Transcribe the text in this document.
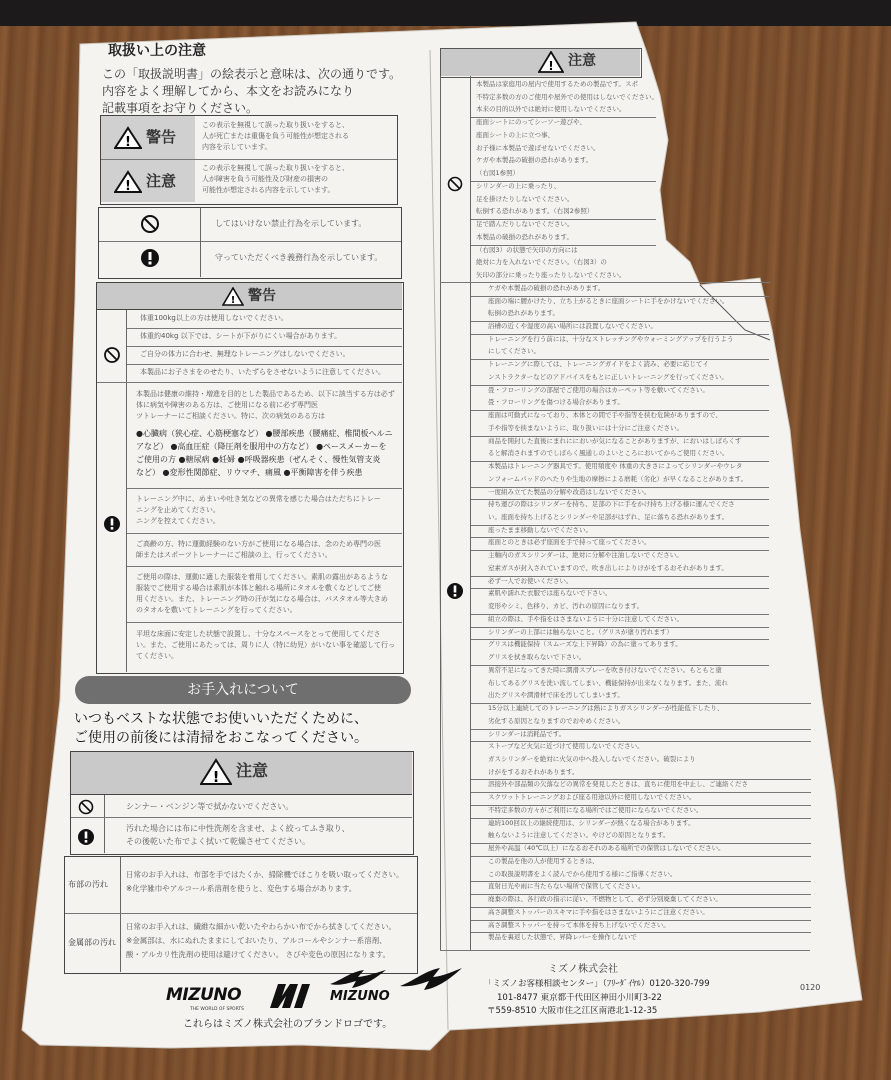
取扱い上の注意
この「取扱説明書」の絵表示と意味は、次の通りです。
内容をよく理解してから、本文をお読みになり
記載事項をお守りください。
! 警告
! 注意
この表示を無視して誤った取り扱いをすると、
人が死亡または重傷を負う可能性が想定される
内容を示しています。
この表示を無視して誤った取り扱いをすると、
人が障害を負う可能性及び財産の損害の
可能性が想定される内容を示しています。
してはいけない禁止行為を示しています。
守っていただくべき義務行為を示しています。
! 警告
体重100kg以上の方は使用しないでください。
体重約40kg 以下では、シートが下がりにくい場合があります。
ご自分の体力に合わせ、無理なトレーニングはしないでください。
本製品にお子さまをのせたり、いたずらをさせないように注意してください。
本製品は健康の維持・増進を目的とした製品であるため、以下に該当する方は必ず
体に病気や障害のある方は、ご使用になる前に必ず専門医
ツトレーナーにご相談ください。特に、次の病気のある方は
●心臓病（狭心症、心筋梗塞など） ●腰部疾患（腰痛症、椎間板ヘルニ
アなど） ●高血圧症（降圧剤を服用中の方など） ●ペースメーカーを
ご使用の方 ●糖尿病 ●妊婦 ●呼吸器疾患（ぜんそく、慢性気管支炎
など） ●変形性関節症、リウマチ、痛風 ●平衡障害を伴う疾患
トレーニング中に、めまいや吐き気などの異常を感じた場合はただちにトレー
ニングを止めてください。
ニングを控えてください。
ご高齢の方、特に運動経験のない方がご使用になる場合は、念のため専門の医
師またはスポーツトレーナーにご相談の上、行ってください。
ご使用の際は、運動に適した服装を着用してください。素肌の露出があるような
服装でご使用する場合は素肌が本体と触れる場所にタオルを敷くなどしてご使
用ください。また、トレーニング時の汗が気になる場合は、バスタオル等大きめ
のタオルを敷いてトレーニングを行ってください。
平坦な床面に安定した状態で設置し、十分なスペースをとって使用してくださ
い。また、ご使用にあたっては、周りに人（特に幼児）がいない事を確認して行っ
てください。
お手入れについて
いつもベストな状態でお使いいただくために、
ご使用の前後には清掃をおこなってください。
! 注意
シンナー・ベンジン等で拭かないでください。
汚れた場合には布に中性洗剤を含ませ、よく絞ってふき取り、
その後乾いた布でよく拭いて乾燥させてください。
布部の汚れ
日常のお手入れは、布部を手ではたくか、掃除機でほこりを吸い取ってください。
※化学雑巾やアルコール系溶剤を使うと、変色する場合があります。
金属部の汚れ
日常のお手入れは、繊維な細かい乾いたやわらかい布でから拭きしてください。
※金属部は、水にぬれたままにしておいたり、アルコールやシンナー系溶剤、
酸・アルカリ性洗剤の使用は避けてください。 さびや変色の原因になります。
MIZUNO
THE WORLD OF SPORTS
MIZUNO
これらはミズノ株式会社のブランドロゴです。
! 注意
本製品は家庭用の屋内で使用するための製品です。スポ
不特定多数の方のご使用や屋外での使用はしないでください。
本来の目的以外では絶対に使用しないでください。
座面シートにのってシーソー遊びや、
座面シートの上に立つ事、
お子様に本製品で遊ばせないでください。
ケガや本製品の破損の恐れがあります。
（右図1参照）
シリンダーの上に乗ったり、
足を掛けたりしないでください。
転倒する恐れがあります。（右図2参照）
足で踏んだりしないでください。
本製品の破損の恐れがあります。
（右図3）の状態で矢印の方向には
絶対に力を入れないでください。（右図3）の
矢印の部分に乗ったり座ったりしないでください。
ケガや本製品の破損の恐れがあります。
座面の端に腰かけたり、立ち上がるときに座面シートに手をかけないでください。
転倒の恐れがあります。
浴槽の近くや湿度の高い場所には設置しないでください。
トレーニングを行う前には、十分なストレッチングやウォーミングアップを行うよう
にしてください。
トレーニングに際しては、トレーニングガイドをよく読み、必要に応じてイ
ンストラクターなどのアドバイスをもとに正しいトレーニングを行ってください。
畳・フローリングの部屋でご使用の場合はカーペット等を敷いてください。
畳・フローリングを傷つける場合があります。
座面は可動式になっており、本体との間で手や指等を挟む危険がありますので、
手や指等を挟まないように、取り扱いには十分にご注意ください。
商品を開封した直後にまれににおいが気になることがありますが、においはしばらくす
ると解消されますのでしばらく風通しのよいところにおいてからご使用ください。
本製品はトレーニング器具です。使用頻度や 体重の大きさによってシリンダーやウレタ
ンフォームパッドのへたりや生地の摩擦による磨耗（劣化）が早くなることがあります。
一度組み立てた製品の分解や改造はしないでください。
持ち運びの際はシリンダーを持ち、足部の下に手をかけ持ち上げる様に運んでくださ
い。座面を持ち上げるとシリンダーや足部がはずれ、足に落ちる恐れがあります。
座ったまま移動しないでください。
座面とのときは必ず座面を手で持って座ってください。
主軸内のガスシリンダーは、絶対に分解や注油しないでください。
窒素ガスが封入されていますので、吹き出しによりけがをするおそれがあります。
必ず一人でお使いください。
素肌や濡れた衣服では座らないで下さい。
変形やシミ、色移り、カビ、汚れの原因になります。
組立の際は、手や指をはさまないように十分に注意してください。
シリンダーの上部には触らないこと。（グリスが塗り汚れます）
グリスは機能保持（スムーズな上下昇降）の為に塗ってあります。
グリスを拭き取らないで下さい。
異常不足になってきた時に潤滑スプレーを吹き付けないでください。もともと塗
布してあるグリスを洗い流してしまい、機能保持が出来なくなります。また、流れ
出たグリスや潤滑材で床を汚してしまいます。
15分以上連続してのトレーニングは熱によりガスシリンダーが性能低下したり、
劣化する原因となりますのでおやめください。
シリンダーは消耗品です。
ストーブなど火気に近づけて使用しないでください。
ガスシリンダーを絶対に火気の中へ投入しないでください。破裂により
けがをするおそれがあります。
溶接外や部品類の欠落などの異常を発見したときは、直ちに使用を中止し、ご連絡くださ
スクワットトレーニングおよび座る用途以外に使用しないでください。
不特定多数の方々がご利用になる場所ではご使用にならないでください。
連続100回以上の継続使用は、シリンダーが熱くなる場合があります。
触らないように注意してください。やけどの原因となります。
屋外や高温（40℃以上）になるおそれのある場所での保管はしないでください。
この製品を他の人が使用するときは、
この取扱説明書をよく読んでから使用する様にご指導ください。
直射日光や雨に当たらない場所で保管してください。
廃棄の際は、各行政の指示に従い、不燃物として、必ず分別廃棄してください。
高さ調整ストッパーのスキマに手や指をはさまないようにご注意ください。
高さ調整ストッパーを持って本体を持ち上げないでください。
製品を裏返した状態で、昇降レバーを操作しないで
ミズノ株式会社
「ミズノお客様相談センター」（ﾌﾘｰﾀﾞｲﾔﾙ）0120-320-799
101-8477 東京都千代田区神田小川町3-22
〒559-8510 大阪市住之江区南港北1-12-35
0120
